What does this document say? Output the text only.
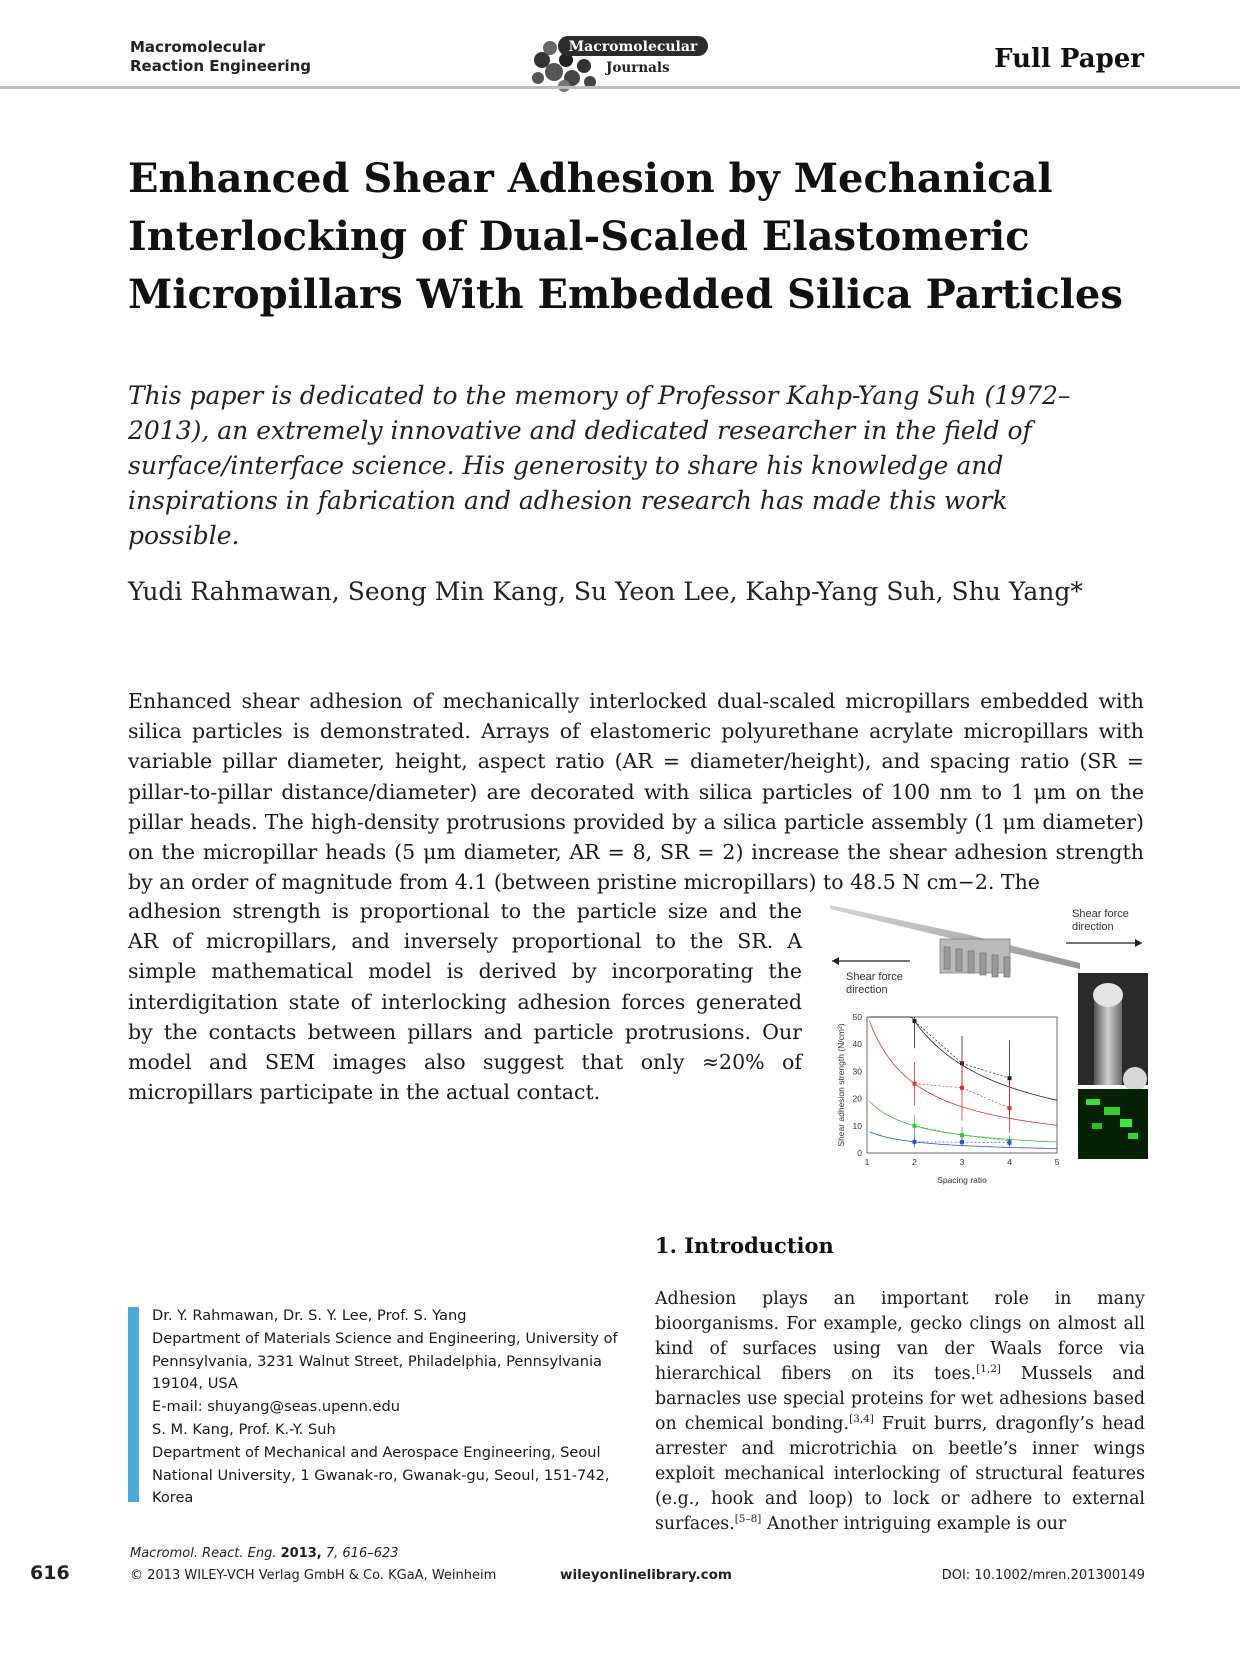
Macromolecular
Reaction Engineering
Macromolecular
Journals	Full Paper
Enhanced Shear Adhesion by Mechanical
Interlocking of Dual-Scaled Elastomeric
Micropillars With Embedded Silica Particles

This paper is dedicated to the memory of Professor Kahp-Yang Suh (1972–2013), an extremely innovative and dedicated researcher in the field of surface/interface science. His generosity to share his knowledge and inspirations in fabrication and adhesion research has made this work possible.

Yudi Rahmawan, Seong Min Kang, Su Yeon Lee, Kahp-Yang Suh, Shu Yang*
Enhanced shear adhesion of mechanically interlocked dual-scaled micropillars embedded with silica particles is demonstrated. Arrays of elastomeric polyurethane acrylate micropillars with variable pillar diameter, height, aspect ratio (AR = diameter/height), and spacing ratio (SR = pillar-to-pillar distance/diameter) are decorated with silica particles of 100 nm to 1 μm on the pillar heads. The high-density protrusions provided by a silica particle assembly (1 μm diameter) on the micropillar heads (5 μm diameter, AR = 8, SR = 2) increase the shear adhesion strength by an order of magnitude from 4.1 (between pristine micropillars) to 48.5 N cm−2. The
adhesion strength is proportional to the particle size and the
AR of micropillars, and inversely proportional to the SR. A
simple mathematical model is derived by incorporating the
interdigitation state of interlocking adhesion forces generated
by the contacts between pillars and particle protrusions. Our
model and SEM images also suggest that only ≈20% of
micropillars participate in the actual contact.
Shear force direction
Shear force direction
1	2	3	4	5
0
10
20
30
40
50
Spacing ratio
Shear adhesion strength (N/cm²)
1. Introduction
Adhesion plays an important role in many bioorganisms. For example, gecko clings on almost all kind of surfaces using van der Waals force via hierarchical fibers on its toes.[1,2] Mussels and barnacles use special proteins for wet adhesions based on chemical bonding.[3,4] Fruit burrs, dragonfly’s head arrester and microtrichia on beetle’s inner wings exploit mechanical interlocking of structural features (e.g., hook and loop) to lock or adhere to external surfaces.[5–8] Another intriguing example is our
Dr. Y. Rahmawan, Dr. S. Y. Lee, Prof. S. Yang
Department of Materials Science and Engineering, University of
Pennsylvania, 3231 Walnut Street, Philadelphia, Pennsylvania
19104, USA
E-mail: shuyang@seas.upenn.edu
S. M. Kang, Prof. K.-Y. Suh
Department of Mechanical and Aerospace Engineering, Seoul
National University, 1 Gwanak-ro, Gwanak-gu, Seoul, 151-742,
Korea
Macromol. React. Eng. 2013, 7, 616–623
616	© 2013 WILEY-VCH Verlag GmbH & Co. KGaA, Weinheim	wileyonlinelibrary.com	DOI: 10.1002/mren.201300149
